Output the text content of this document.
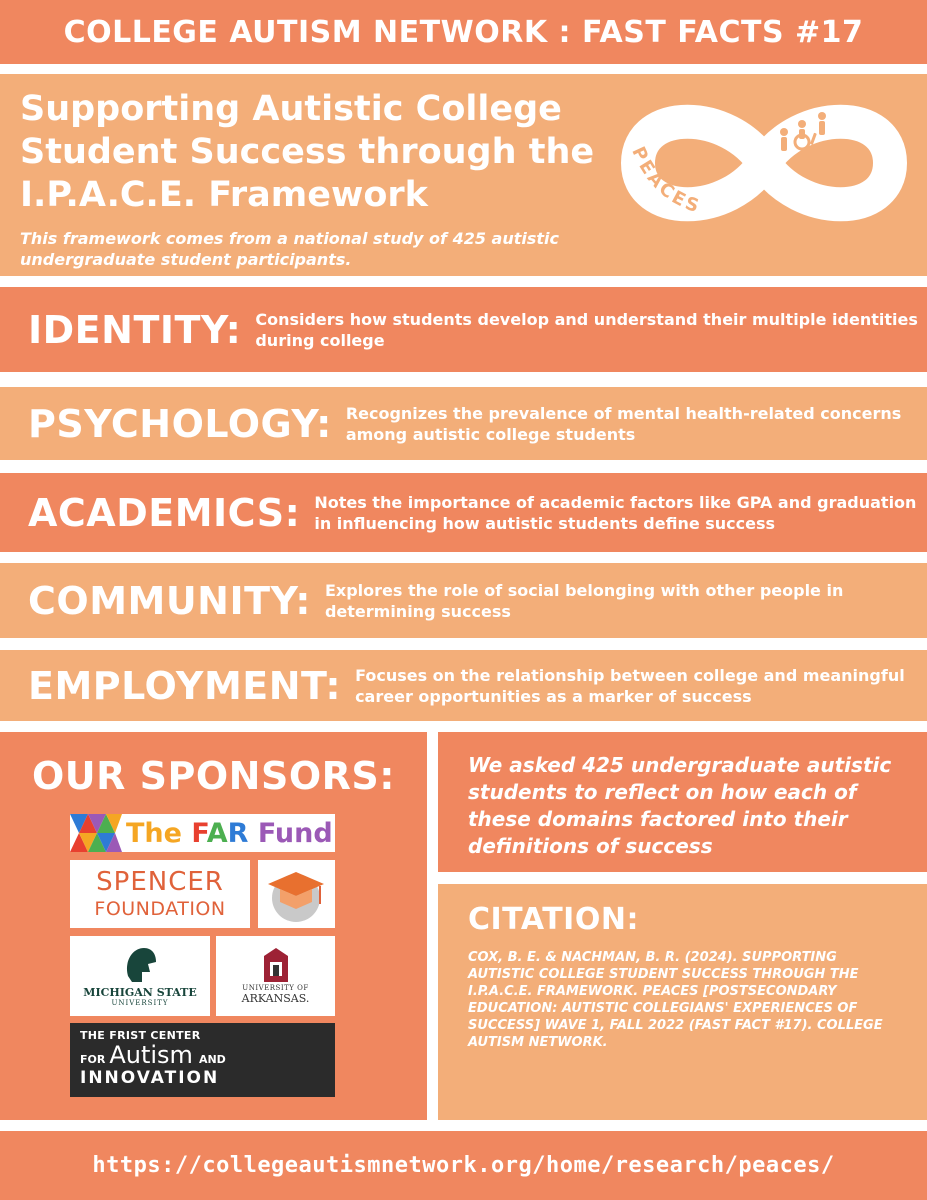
COLLEGE AUTISM NETWORK : FAST FACTS #17
Supporting Autistic College Student Success through the I.P.A.C.E. Framework
This framework comes from a national study of 425 autistic undergraduate student participants.
PEACES
IDENTITY: Considers how students develop and understand their multiple identities during college
PSYCHOLOGY: Recognizes the prevalence of mental health-related concerns among autistic college students
ACADEMICS: Notes the importance of academic factors like GPA and graduation in influencing how autistic students define success
COMMUNITY: Explores the role of social belonging with other people in determining success
EMPLOYMENT: Focuses on the relationship between college and meaningful career opportunities as a marker of success
OUR SPONSORS:
The FAR Fund
SPENCER
FOUNDATION
MICHIGAN STATE
UNIVERSITY
UNIVERSITY OF
ARKANSAS.
THE FRIST CENTER
FOR Autism AND
INNOVATION
We asked 425 undergraduate autistic students to reflect on how each of these domains factored into their definitions of success
CITATION:
COX, B. E. & NACHMAN, B. R. (2024). SUPPORTING AUTISTIC COLLEGE STUDENT SUCCESS THROUGH THE I.P.A.C.E. FRAMEWORK. PEACES [POSTSECONDARY EDUCATION: AUTISTIC COLLEGIANS' EXPERIENCES OF SUCCESS] WAVE 1, FALL 2022 (FAST FACT #17). COLLEGE AUTISM NETWORK.
https://collegeautismnetwork.org/home/research/peaces/
